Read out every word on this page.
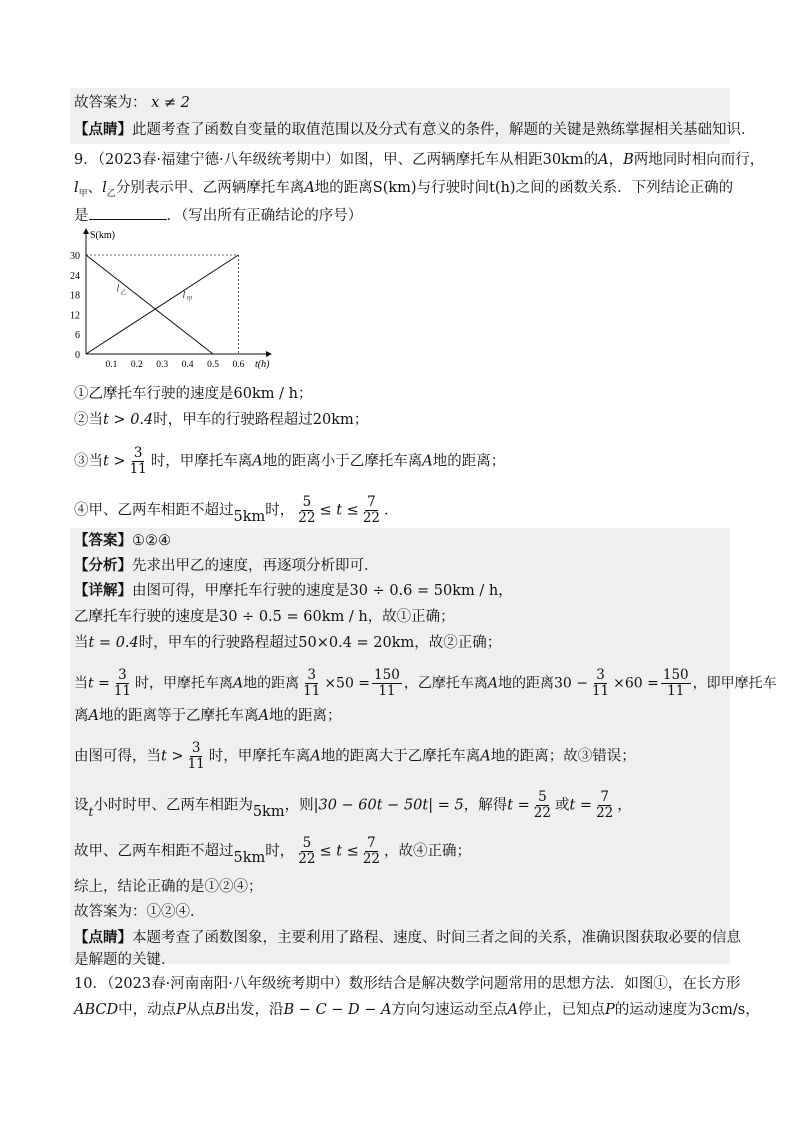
故答案为： x ≠ 2
【点睛】此题考查了函数自变量的取值范围以及分式有意义的条件，解题的关键是熟练掌握相关基础知识．
9．（2023春·福建宁德·八年级统考期中）如图，甲、乙两辆摩托车从相距30km的A，B两地同时相向而行，
$l_甲$、$l_乙$分别表示甲、乙两辆摩托车离A地的距离S(km)与行驶时间t(h)之间的函数关系．下列结论正确的
是	．（写出所有正确结论的序号）
S(km)
t(h)
0
6
12
18
24
30
0.1 0.2 0.3 0.4 0.5 0.6
l 甲
l 乙
①乙摩托车行驶的速度是60km / h；
②当t > 0.4时，甲车的行驶路程超过20km；
③当$t > \frac{3}{11}$ 时，甲摩托车离A地的距离小于乙摩托车离A地的距离；
④甲、乙两车相距不超过5km时， $\frac{5}{22} \le t \le \frac{7}{22}$ ．
【答案】①②④
【分析】先求出甲乙的速度，再逐项分析即可．
【详解】由图可得，甲摩托车行驶的速度是30 ÷ 0.6 = 50km / h，
乙摩托车行驶的速度是30 ÷ 0.5 = 60km / h，故①正确；
当t = 0.4时，甲车的行驶路程超过50×0.4 = 20km，故②正确；
当$t = \frac{3}{11}$ 时，甲摩托车离A地的距离 $\frac{3}{11} \times 50 = \frac{150}{11}$ ，乙摩托车离A地的距离$30 - \frac{3}{11} \times 60 = \frac{150}{11}$ ，即甲摩托车
离A地的距离等于乙摩托车离A地的距离；
由图可得，当$t > \frac{3}{11}$ 时，甲摩托车离A地的距离大于乙摩托车离A地的距离；故③错误；
设$_t$小时时甲、乙两车相距为5km，则|30 − 60t − 50t| = 5，解得$t = \frac{5}{22}$ 或$t = \frac{7}{22}$ ，
故甲、乙两车相距不超过5km时， $\frac{5}{22} \le t \le \frac{7}{22}$ ，故④正确；
综上，结论正确的是①②④；
故答案为：①②④．
【点睛】本题考查了函数图象，主要利用了路程、速度、时间三者之间的关系，准确识图获取必要的信息
是解题的关键．
10．（2023春·河南南阳·八年级统考期中）数形结合是解决数学问题常用的思想方法．如图①，在长方形
ABCD中，动点P从点B出发，沿B − C − D − A方向匀速运动至点A停止，已知点P的运动速度为3cm/s，
